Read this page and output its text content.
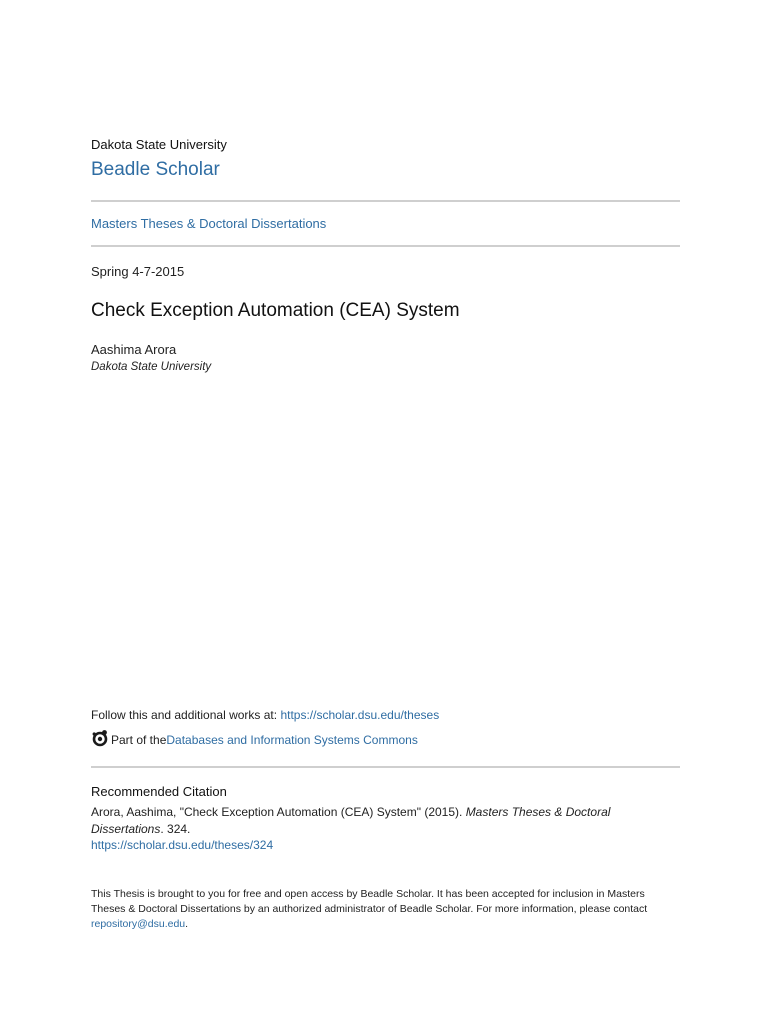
Dakota State University
Beadle Scholar
Masters Theses & Doctoral Dissertations
Spring 4-7-2015
Check Exception Automation (CEA) System
Aashima Arora
Dakota State University
Follow this and additional works at: https://scholar.dsu.edu/theses
Part of the Databases and Information Systems Commons
Recommended Citation
Arora, Aashima, "Check Exception Automation (CEA) System" (2015). Masters Theses & Doctoral Dissertations. 324.
https://scholar.dsu.edu/theses/324
This Thesis is brought to you for free and open access by Beadle Scholar. It has been accepted for inclusion in Masters Theses & Doctoral Dissertations by an authorized administrator of Beadle Scholar. For more information, please contact repository@dsu.edu.
